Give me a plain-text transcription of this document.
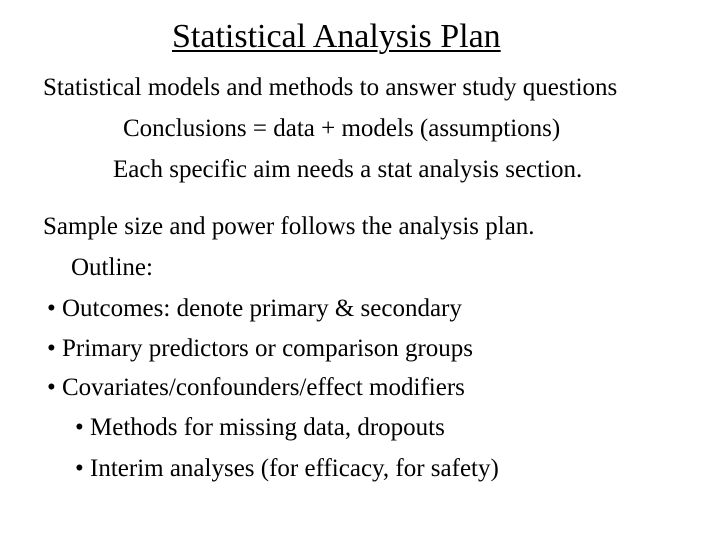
Statistical Analysis Plan
Statistical models and methods to answer study questions
Conclusions = data + models (assumptions)
Each specific aim needs a stat analysis section.
Sample size and power follows the analysis plan.
Outline:
• Outcomes: denote primary & secondary
• Primary predictors or comparison groups
• Covariates/confounders/effect modifiers
• Methods for missing data, dropouts
• Interim analyses (for efficacy, for safety)
